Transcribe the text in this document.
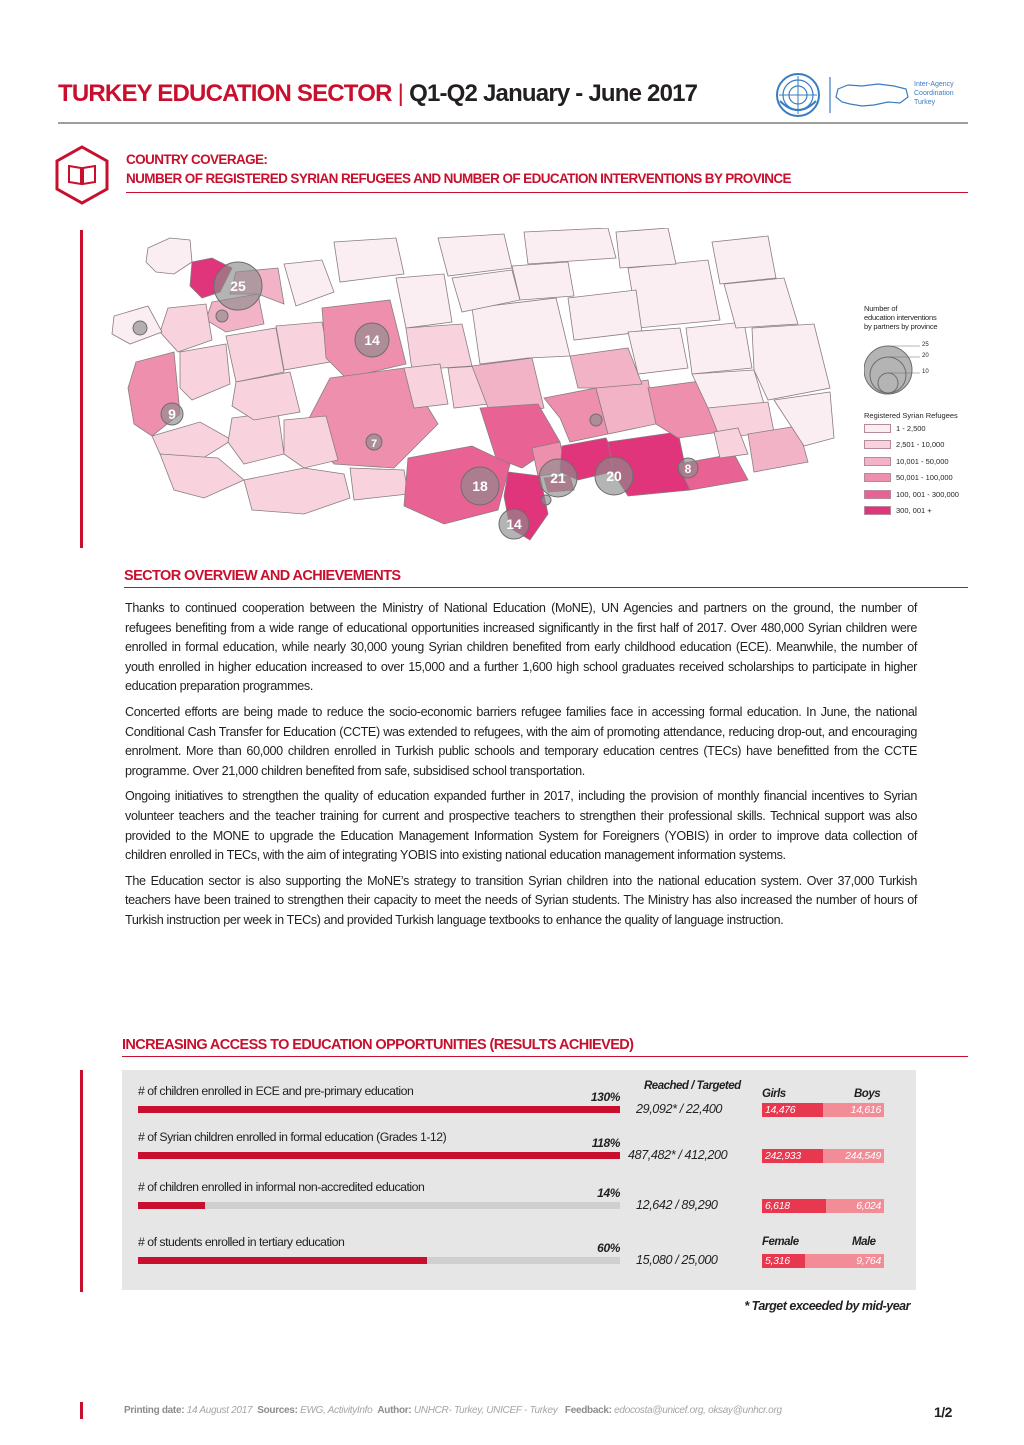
TURKEY EDUCATION SECTOR | Q1-Q2 January - June 2017	Inter-Agency
Coordination
Turkey
COUNTRY COVERAGE:
NUMBER OF REGISTERED SYRIAN REFUGEES AND NUMBER OF EDUCATION INTERVENTIONS BY PROVINCE
25
14
9
7
18	21	20	8
14
Number of
education interventions
by partners by province
25
20
10
Registered Syrian Refugees
1 - 2,500
2,501 - 10,000
10,001 - 50,000
50,001 - 100,000
100, 001 - 300,000
300, 001 +
SECTOR OVERVIEW AND ACHIEVEMENTS

Thanks to continued cooperation between the Ministry of National Education (MoNE), UN Agencies and partners on the ground, the number of refugees benefiting from a wide range of educational opportunities increased significantly in the first half of 2017. Over 480,000 Syrian children were enrolled in formal education, while nearly 30,000 young Syrian children benefited from early childhood education (ECE). Meanwhile, the number of youth enrolled in higher education increased to over 15,000 and a further 1,600 high school graduates received scholarships to participate in higher education preparation programmes.

Concerted efforts are being made to reduce the socio-economic barriers refugee families face in accessing formal education. In June, the national Conditional Cash Transfer for Education (CCTE) was extended to refugees, with the aim of promoting attendance, reducing drop-out, and encouraging enrolment. More than 60,000 children enrolled in Turkish public schools and temporary education centres (TECs) have benefitted from the CCTE programme. Over 21,000 children benefited from safe, subsidised school transportation.

Ongoing initiatives to strengthen the quality of education expanded further in 2017, including the provision of monthly financial incentives to Syrian volunteer teachers and the teacher training for current and prospective teachers to strengthen their professional skills. Technical support was also provided to the MONE to upgrade the Education Management Information System for Foreigners (YOBIS) in order to improve data collection of children enrolled in TECs, with the aim of integrating YOBIS into existing national education management information systems.

The Education sector is also supporting the MoNE’s strategy to transition Syrian children into the national education system. Over 37,000 Turkish teachers have been trained to strengthen their capacity to meet the needs of Syrian students. The Ministry has also increased the number of hours of Turkish instruction per week in TECs) and provided Turkish language textbooks to enhance the quality of language instruction.

INCREASING ACCESS TO EDUCATION OPPORTUNITIES (RESULTS ACHIEVED)
Reached / Targeted
Girls	Boys
Female	Male
# of children enrolled in ECE and pre-primary education	130%
29,092* / 22,400	14,476	14,616
# of Syrian children enrolled in formal education (Grades 1-12)	118%
487,482* / 412,200	242,933	244,549
# of children enrolled in informal non-accredited education	14%
12,642 / 89,290	6,618	6,024
# of students enrolled in tertiary education	60%
15,080 / 25,000	5,316	9,764
* Target exceeded by mid-year
Printing date: 14 August 2017 Sources: EWG, ActivityInfo Author: UNHCR- Turkey, UNICEF - Turkey Feedback: edocosta@unicef.org, oksay@unhcr.org	1/2
